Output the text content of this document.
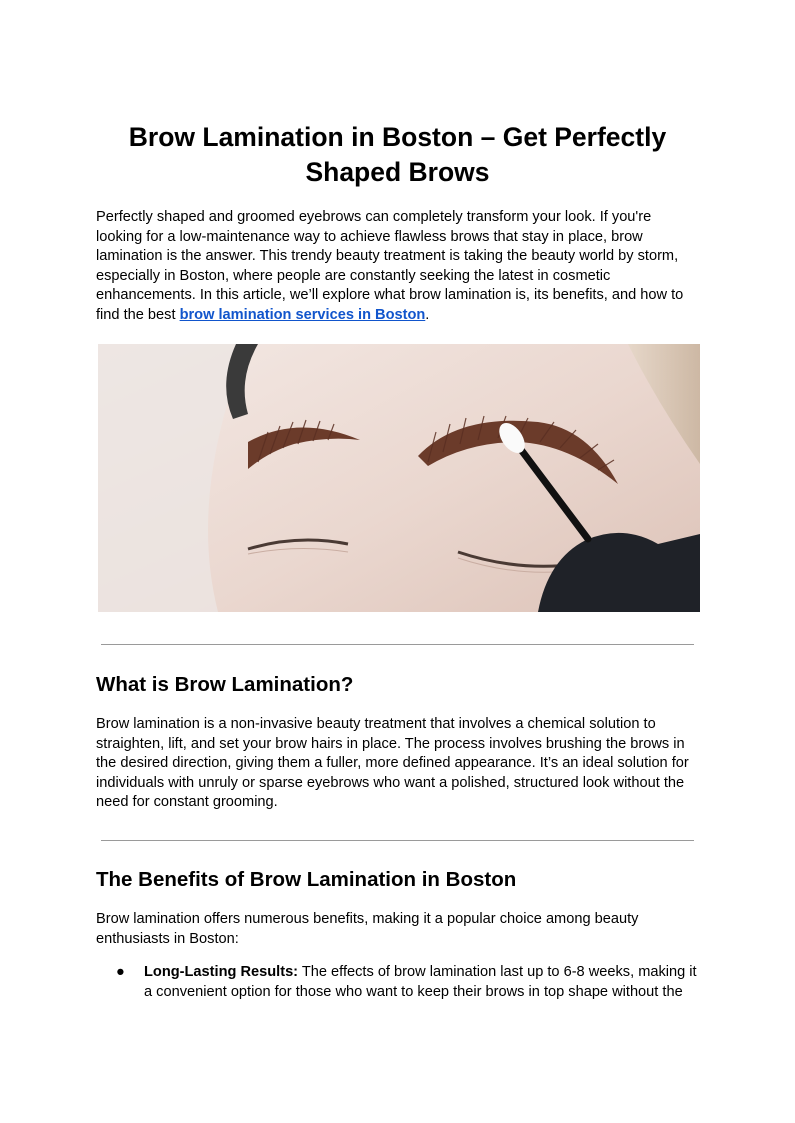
Brow Lamination in Boston – Get Perfectly Shaped Brows

Perfectly shaped and groomed eyebrows can completely transform your look. If you're looking for a low-maintenance way to achieve flawless brows that stay in place, brow lamination is the answer. This trendy beauty treatment is taking the beauty world by storm, especially in Boston, where people are constantly seeking the latest in cosmetic enhancements. In this article, we’ll explore what brow lamination is, its benefits, and how to find the best brow lamination services in Boston.

What is Brow Lamination?

Brow lamination is a non-invasive beauty treatment that involves a chemical solution to straighten, lift, and set your brow hairs in place. The process involves brushing the brows in the desired direction, giving them a fuller, more defined appearance. It’s an ideal solution for individuals with unruly or sparse eyebrows who want a polished, structured look without the need for constant grooming.

The Benefits of Brow Lamination in Boston

Brow lamination offers numerous benefits, making it a popular choice among beauty enthusiasts in Boston:

● Long-Lasting Results: The effects of brow lamination last up to 6-8 weeks, making it a convenient option for those who want to keep their brows in top shape without the
